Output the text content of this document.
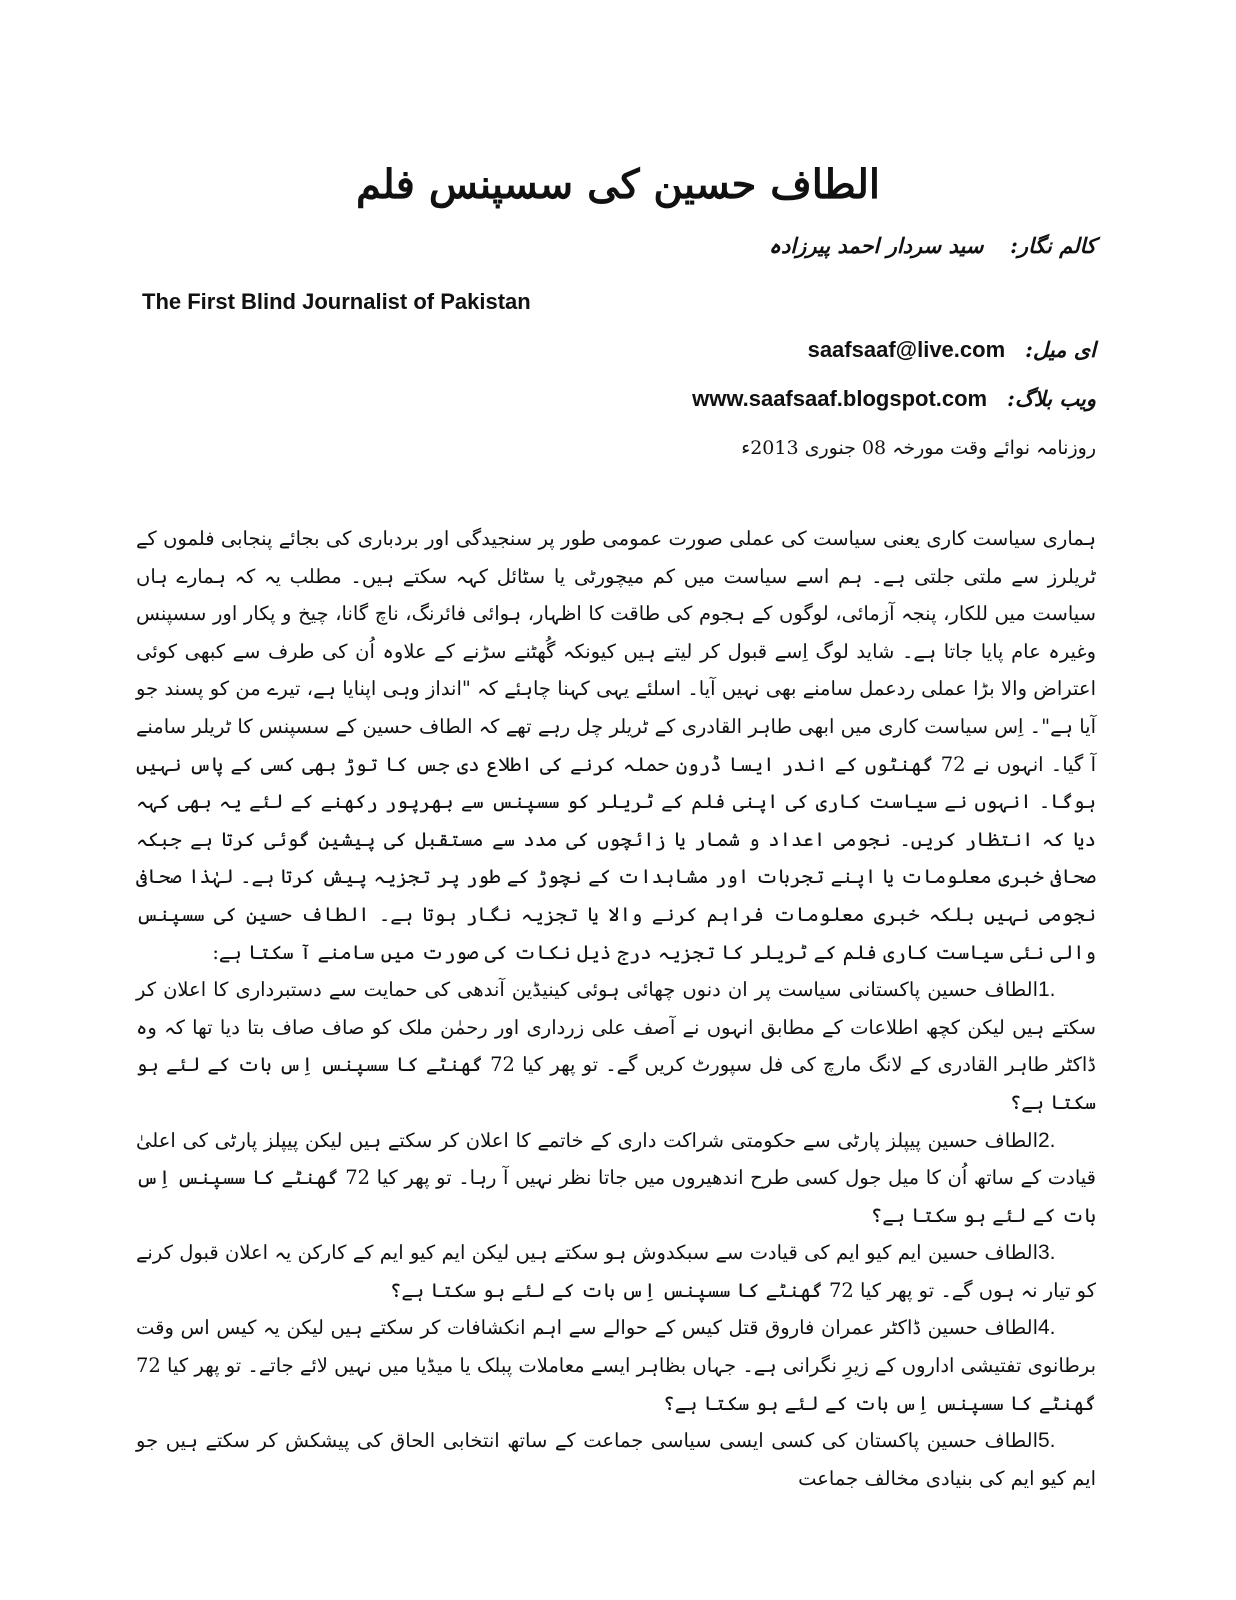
الطاف حسین کی سسپنس فلم
کالم نگار:    سید سردار احمد پیرزادہ
The First Blind Journalist of Pakistan
ای میل:   saafsaaf@live.com
ویب بلاگ:   www.saafsaaf.blogspot.com
روزنامہ نوائے وقت مورخہ 08 جنوری 2013ء

ہماری سیاست کاری یعنی سیاست کی عملی صورت عمومی طور پر سنجیدگی اور بردباری کی بجائے پنجابی فلموں کے ٹریلرز سے ملتی جلتی ہے۔ ہم اسے سیاست میں کم میچورٹی یا سٹائل کہہ سکتے ہیں۔ مطلب یہ کہ ہمارے ہاں سیاست میں للکار، پنجہ آزمائی، لوگوں کے ہجوم کی طاقت کا اظہار، ہوائی فائرنگ، ناچ گانا، چیخ و پکار اور سسپنس وغیرہ عام پایا جاتا ہے۔ شاید لوگ اِسے قبول کر لیتے ہیں کیونکہ گُھٹنے سڑنے کے علاوہ اُن کی طرف سے کبھی کوئی اعتراض والا بڑا عملی ردعمل سامنے بھی نہیں آیا۔ اسلئے یہی کہنا چاہئے کہ "انداز وہی اپنایا ہے، تیرے من کو پسند جو آیا ہے"۔ اِس سیاست کاری میں ابھی طاہر القادری کے ٹریلر چل رہے تھے کہ الطاف حسین کے سسپنس کا ٹریلر سامنے آ گیا۔ انہوں نے 72 گھنٹوں کے اندر ایسا ڈرون حملہ کرنے کی اطلاع دی جس کا توڑ بھی کسی کے پاس نہیں ہوگا۔ انہوں نے سیاست کاری کی اپنی فلم کے ٹریلر کو سسپنس سے بھرپور رکھنے کے لئے یہ بھی کہہ دیا کہ انتظار کریں۔ نجومی اعداد و شمار یا زائچوں کی مدد سے مستقبل کی پیشین گوئی کرتا ہے جبکہ صحافی خبری معلومات یا اپنے تجربات اور مشاہدات کے نچوڑ کے طور پر تجزیہ پیش کرتا ہے۔ لہٰذا صحافی نجومی نہیں بلکہ خبری معلومات فراہم کرنے والا یا تجزیہ نگار ہوتا ہے۔ الطاف حسین کی سسپنس والی نئی سیاست کاری فلم کے ٹریلر کا تجزیہ درج ذیل نکات کی صورت میں سامنے آ سکتا ہے:

1.الطاف حسین پاکستانی سیاست پر ان دنوں چھائی ہوئی کینیڈین آندھی کی حمایت سے دستبرداری کا اعلان کر سکتے ہیں لیکن کچھ اطلاعات کے مطابق انہوں نے آصف علی زرداری اور رحمٰن ملک کو صاف صاف بتا دیا تھا کہ وہ ڈاکٹر طاہر القادری کے لانگ مارچ کی فل سپورٹ کریں گے۔ تو پھر کیا 72 گھنٹے کا سسپنس اِس بات کے لئے ہو سکتا ہے؟

2.الطاف حسین پیپلز پارٹی سے حکومتی شراکت داری کے خاتمے کا اعلان کر سکتے ہیں لیکن پیپلز پارٹی کی اعلیٰ قیادت کے ساتھ اُن کا میل جول کسی طرح اندھیروں میں جاتا نظر نہیں آ رہا۔ تو پھر کیا 72 گھنٹے کا سسپنس اِس بات کے لئے ہو سکتا ہے؟

3.الطاف حسین ایم کیو ایم کی قیادت سے سبکدوش ہو سکتے ہیں لیکن ایم کیو ایم کے کارکن یہ اعلان قبول کرنے کو تیار نہ ہوں گے۔ تو پھر کیا 72 گھنٹے کا سسپنس اِس بات کے لئے ہو سکتا ہے؟

4.الطاف حسین ڈاکٹر عمران فاروق قتل کیس کے حوالے سے اہم انکشافات کر سکتے ہیں لیکن یہ کیس اس وقت برطانوی تفتیشی اداروں کے زیرِ نگرانی ہے۔ جہاں بظاہر ایسے معاملات پبلک یا میڈیا میں نہیں لائے جاتے۔ تو پھر کیا 72 گھنٹے کا سسپنس اِس بات کے لئے ہو سکتا ہے؟

5.الطاف حسین پاکستان کی کسی ایسی سیاسی جماعت کے ساتھ انتخابی الحاق کی پیشکش کر سکتے ہیں جو ایم کیو ایم کی بنیادی مخالف جماعت
